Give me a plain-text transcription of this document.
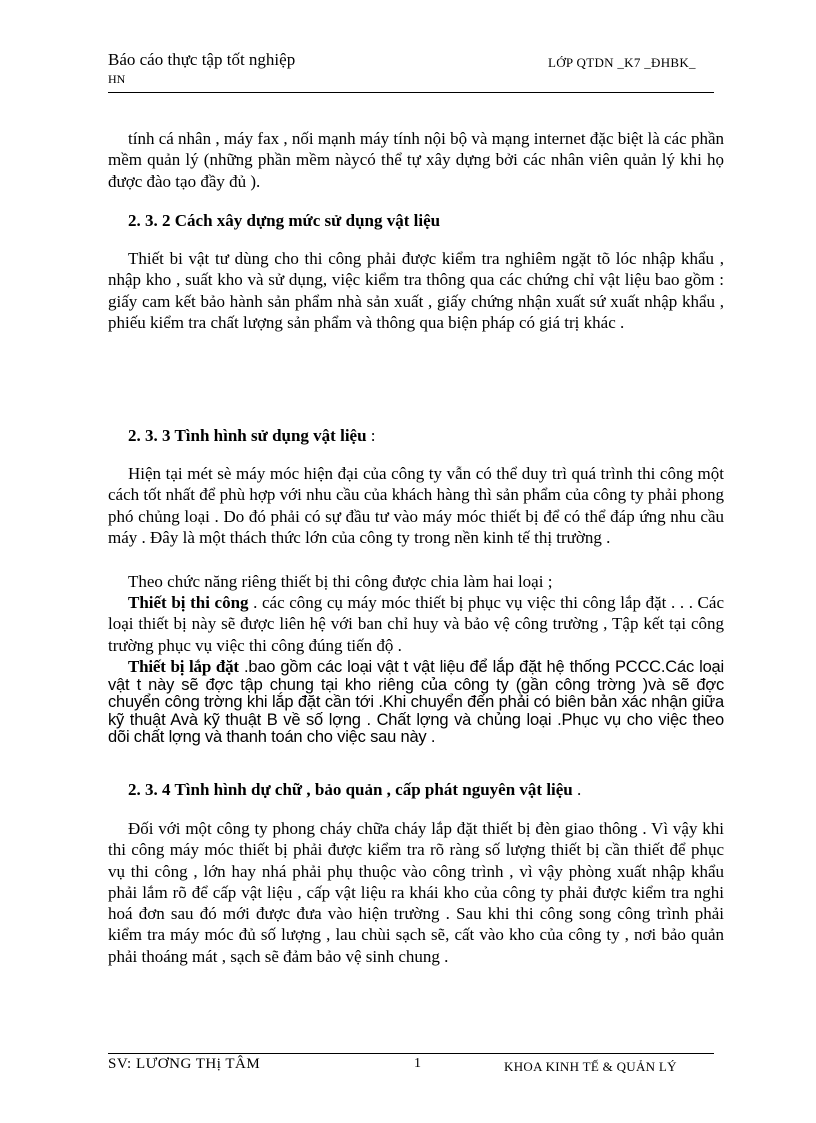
Báo cáo thực tập tốt nghiệp
HN
LỚP QTDN _K7 _ĐHBK_
tính cá nhân , máy fax , nối mạnh máy tính nội bộ và mạng internet đặc biệt là các phần mềm quản lý (những phần mềm nàycó thể tự xây dựng bởi các nhân viên quản lý khi họ được đào tạo đầy đủ ).
2. 3. 2 Cách xây dựng mức sử dụng vật liệu
Thiết bi vật tư dùng cho thi công phải được kiểm tra nghiêm ngặt tõ lóc nhập khẩu , nhập kho , suất kho và sử dụng, việc kiểm tra thông qua các chứng chỉ vật liệu bao gồm : giấy cam kết bảo hành sản phẩm nhà sản xuất , giấy chứng nhận xuất sứ xuất nhập khẩu , phiếu kiểm tra chất lượng sản phẩm và thông qua biện pháp có giá trị khác .
2. 3. 3 Tình hình sử dụng vật liệu :
Hiện tại mét sè máy móc hiện đại của công ty vẫn có thể duy trì quá trình thi công một cách tốt nhất để phù hợp với nhu cầu của khách hàng thì sản phẩm của công ty phải phong phó chủng loại . Do đó phải có sự đầu tư vào máy móc thiết bị để có thể đáp ứng nhu cầu máy . Đây là một thách thức lớn của công ty trong nền kinh tế thị trường .
Theo chức năng riêng thiết bị thi công được chia làm hai loại ;
Thiết bị thi công . các công cụ máy móc thiết bị phục vụ việc thi công lắp đặt . . . Các loại thiết bị này sẽ được liên hệ với ban chỉ huy và bảo vệ công trường , Tập kết tại công trường phục vụ việc thi công đúng tiến độ .
Thiết bị lắp đặt .bao gồm các loại vật t vật liệu để lắp đặt hệ thống PCCC.Các loại vật t này sẽ đợc tập chung tại kho riêng của công ty (gần công trờng )và sẽ đợc chuyển công trờng khi lắp đặt cần tới .Khi chuyển đến phải có biên bản xác nhận giữa kỹ thuật Avà kỹ thuật B về số lợng . Chất lợng và chủng loại .Phục vụ cho việc theo dõi chất lợng và thanh toán cho việc sau này .
2. 3. 4 Tình hình dự chữ , bảo quản , cấp phát nguyên vật liệu .
Đối với một công ty phong cháy chữa cháy lắp đặt thiết bị đèn giao thông . Vì vậy khi thi công máy móc thiết bị phải được kiểm tra rõ ràng số lượng thiết bị cần thiết để phục vụ thi công , lớn hay nhá phải phụ thuộc vào công trình , vì vậy phòng xuất nhập khẩu phải lắm rõ để cấp vật liệu , cấp vật liệu ra khái kho của công ty phải được kiểm tra nghi hoá đơn sau đó mới được đưa vào hiện trường . Sau khi thi công song công trình phải kiểm tra máy móc đủ số lượng , lau chùi sạch sẽ, cất vào kho của công ty , nơi bảo quản phải thoáng mát , sạch sẽ đảm bảo vệ sinh chung .
SV: LƯƠNG THị TÂM	1	KHOA KINH TẾ & QUẢN LÝ
